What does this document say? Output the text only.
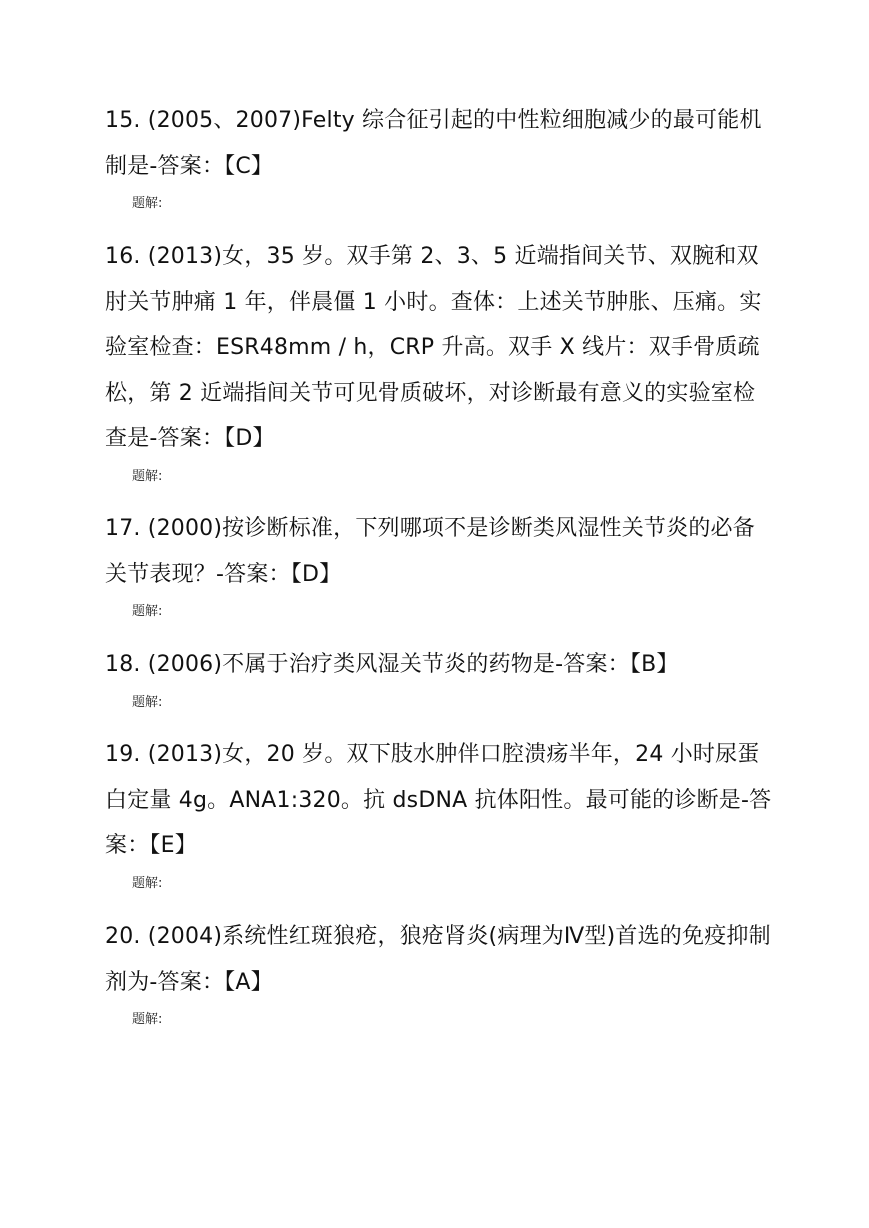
15. (2005、2007)Felty 综合征引起的中性粒细胞减少的最可能机制是-答案：【C】

题解:

16. (2013)女，35 岁。双手第 2、3、5 近端指间关节、双腕和双肘关节肿痛 1 年，伴晨僵 1 小时。查体：上述关节肿胀、压痛。实验室检查：ESR48mm / h，CRP 升高。双手 X 线片：双手骨质疏松，第 2 近端指间关节可见骨质破坏，对诊断最有意义的实验室检查是-答案：【D】

题解:

17. (2000)按诊断标准，下列哪项不是诊断类风湿性关节炎的必备关节表现？-答案：【D】

题解:

18. (2006)不属于治疗类风湿关节炎的药物是-答案：【B】

题解:

19. (2013)女，20 岁。双下肢水肿伴口腔溃疡半年，24 小时尿蛋白定量 4g。ANA1:320。抗 dsDNA 抗体阳性。最可能的诊断是-答案：【E】

题解:

20. (2004)系统性红斑狼疮，狼疮肾炎(病理为Ⅳ型)首选的免疫抑制剂为-答案：【A】

题解:
